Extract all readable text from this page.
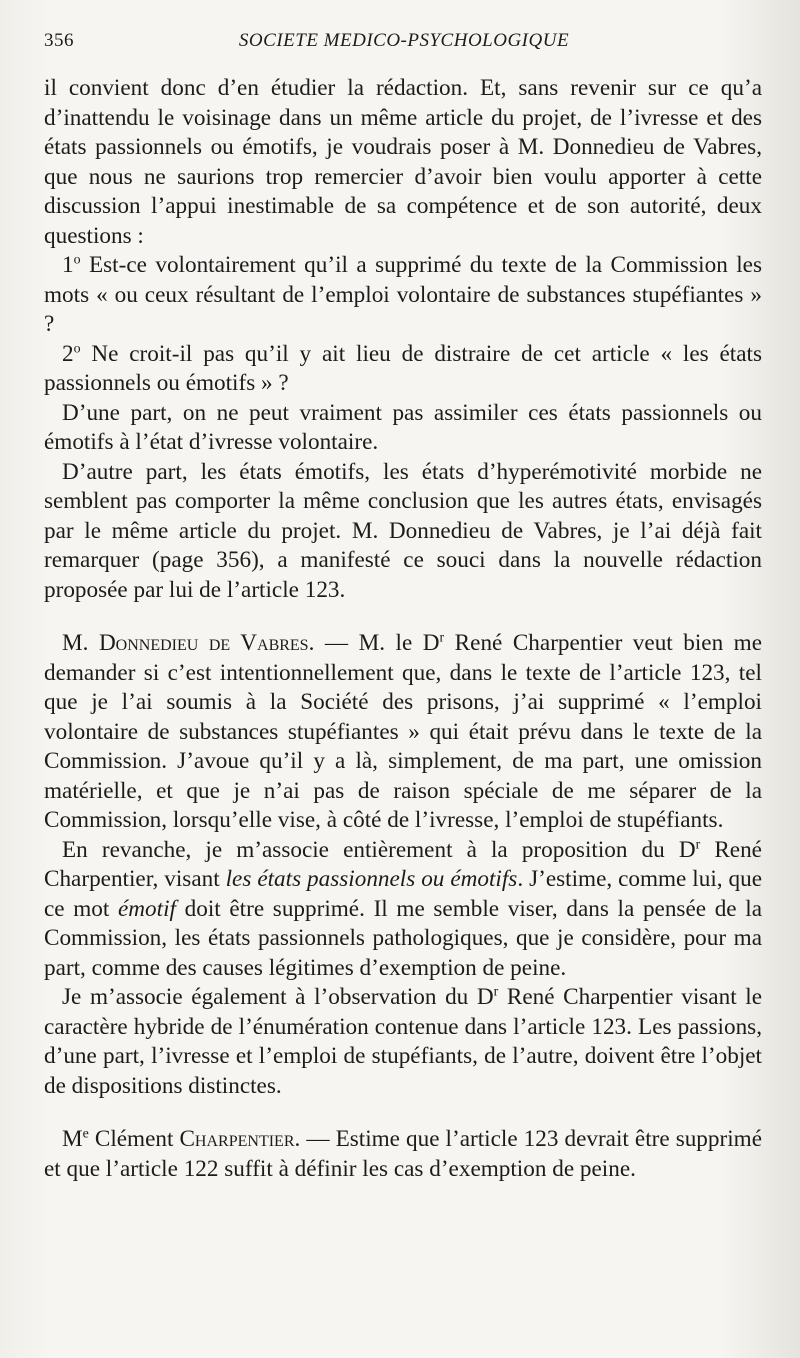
356	SOCIETE MEDICO-PSYCHOLOGIQUE

il convient donc d’en étudier la rédaction. Et, sans revenir sur ce qu’a d’inattendu le voisinage dans un même article du projet, de l’ivresse et des états passionnels ou émotifs, je voudrais poser à M. Donnedieu de Vabres, que nous ne saurions trop remercier d’avoir bien voulu apporter à cette discussion l’appui inestimable de sa compétence et de son autorité, deux questions :

1$^o$ Est-ce volontairement qu’il a supprimé du texte de la Commission les mots « ou ceux résultant de l’emploi volontaire de substances stupéfiantes » ?

2$^o$ Ne croit-il pas qu’il y ait lieu de distraire de cet article « les états passionnels ou émotifs » ?

D’une part, on ne peut vraiment pas assimiler ces états passionnels ou émotifs à l’état d’ivresse volontaire.

D’autre part, les états émotifs, les états d’hyperémotivité morbide ne semblent pas comporter la même conclusion que les autres états, envisagés par le même article du projet. M. Donnedieu de Vabres, je l’ai déjà fait remarquer (page 356), a manifesté ce souci dans la nouvelle rédaction proposée par lui de l’article 123.

M. Donnedieu de Vabres. — M. le $D^r$ René Charpentier veut bien me demander si c’est intentionnellement que, dans le texte de l’article 123, tel que je l’ai soumis à la Société des prisons, j’ai supprimé « l’emploi volontaire de substances stupéfiantes » qui était prévu dans le texte de la Commission. J’avoue qu’il y a là, simplement, de ma part, une omission matérielle, et que je n’ai pas de raison spéciale de me séparer de la Commission, lorsqu’elle vise, à côté de l’ivresse, l’emploi de stupéfiants.

En revanche, je m’associe entièrement à la proposition du $D^r$ René Charpentier, visant les états passionnels ou émotifs. J’estime, comme lui, que ce mot émotif doit être supprimé. Il me semble viser, dans la pensée de la Commission, les états passionnels pathologiques, que je considère, pour ma part, comme des causes légitimes d’exemption de peine.

Je m’associe également à l’observation du $D^r$ René Charpentier visant le caractère hybride de l’énumération contenue dans l’article 123. Les passions, d’une part, l’ivresse et l’emploi de stupéfiants, de l’autre, doivent être l’objet de dispositions distinctes.

Me Clément Charpentier. — Estime que l’article 123 devrait être supprimé et que l’article 122 suffit à définir les cas d’exemption de peine.
